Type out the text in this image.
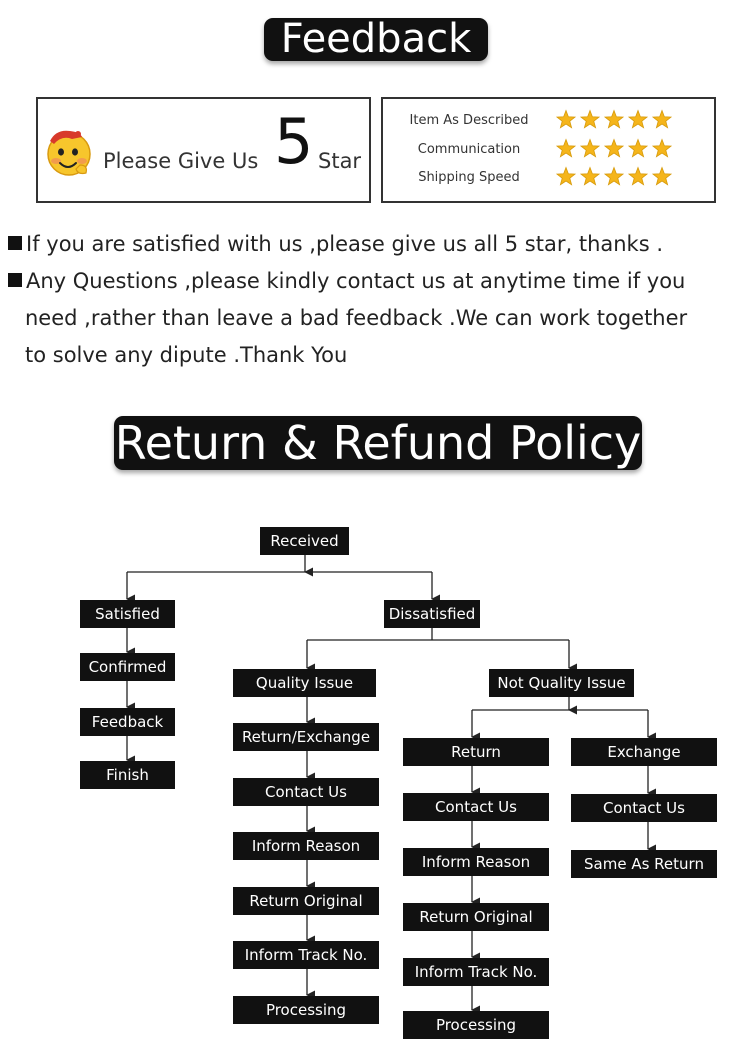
Feedback
Please Give Us 5 Star
Item As Described
Communication
Shipping Speed
If you are satisfied with us ,please give us all 5 star, thanks .
Any Questions ,please kindly contact us at anytime time if you
need ,rather than leave a bad feedback .We can work together
to solve any dipute .Thank You
Return & Refund Policy
Received
Satisfied
Confirmed
Feedback
Finish
Dissatisfied
Quality Issue
Return/Exchange
Contact Us
Inform Reason
Return Original
Inform Track No.
Processing
Not Quality Issue
Return
Contact Us
Inform Reason
Return Original
Inform Track No.
Processing
Exchange
Contact Us
Same As Return
